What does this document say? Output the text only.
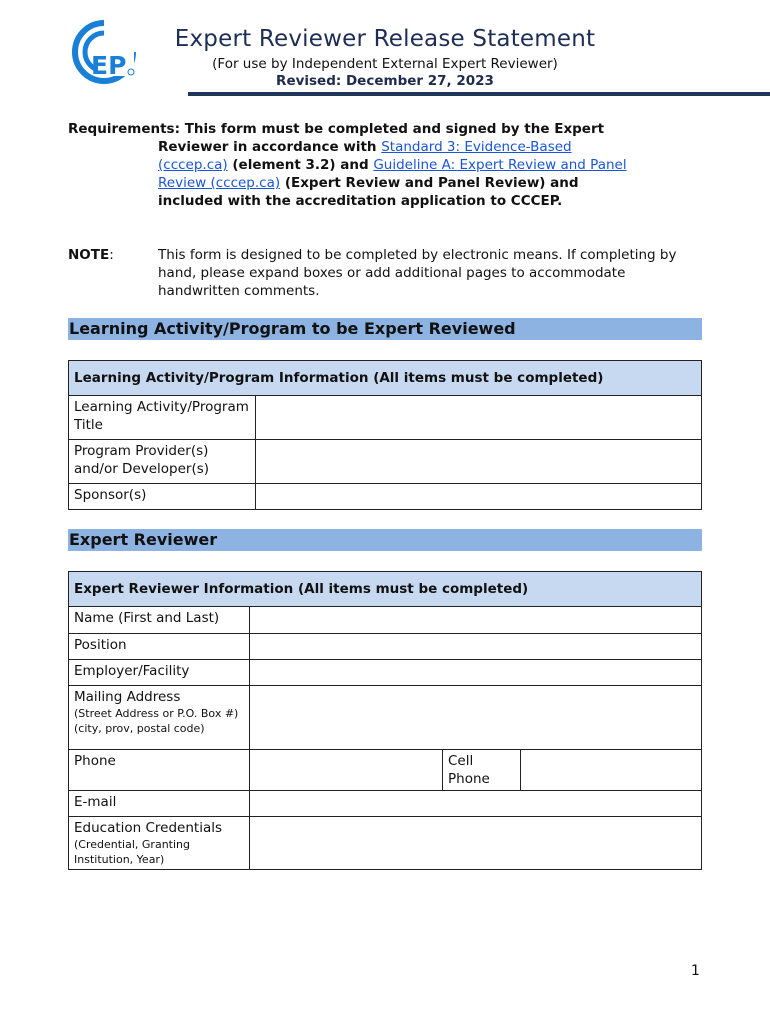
EP
Expert Reviewer Release Statement
(For use by Independent External Expert Reviewer)
Revised: December 27, 2023
Requirements: This form must be completed and signed by the Expert
Reviewer in accordance with Standard 3: Evidence-Based
(cccep.ca) (element 3.2) and Guideline A: Expert Review and Panel
Review (cccep.ca) (Expert Review and Panel Review) and
included with the accreditation application to CCCEP.
NOTE:	This form is designed to be completed by electronic means. If completing by hand, please expand boxes or add additional pages to accommodate handwritten comments.
Learning Activity/Program to be Expert Reviewed
Learning Activity/Program Information (All items must be completed)	
Learning Activity/Program Title	
Program Provider(s) and/or Developer(s)	
Sponsor(s)	
Expert Reviewer
Expert Reviewer Information (All items must be completed)			
Name (First and Last)			
Position			
Employer/Facility			
Mailing Address
(Street Address or P.O. Box #)
(city, prov, postal code)			

Phone		Cell Phone	
E-mail			
Education Credentials
(Credential, Granting Institution, Year)			

1
